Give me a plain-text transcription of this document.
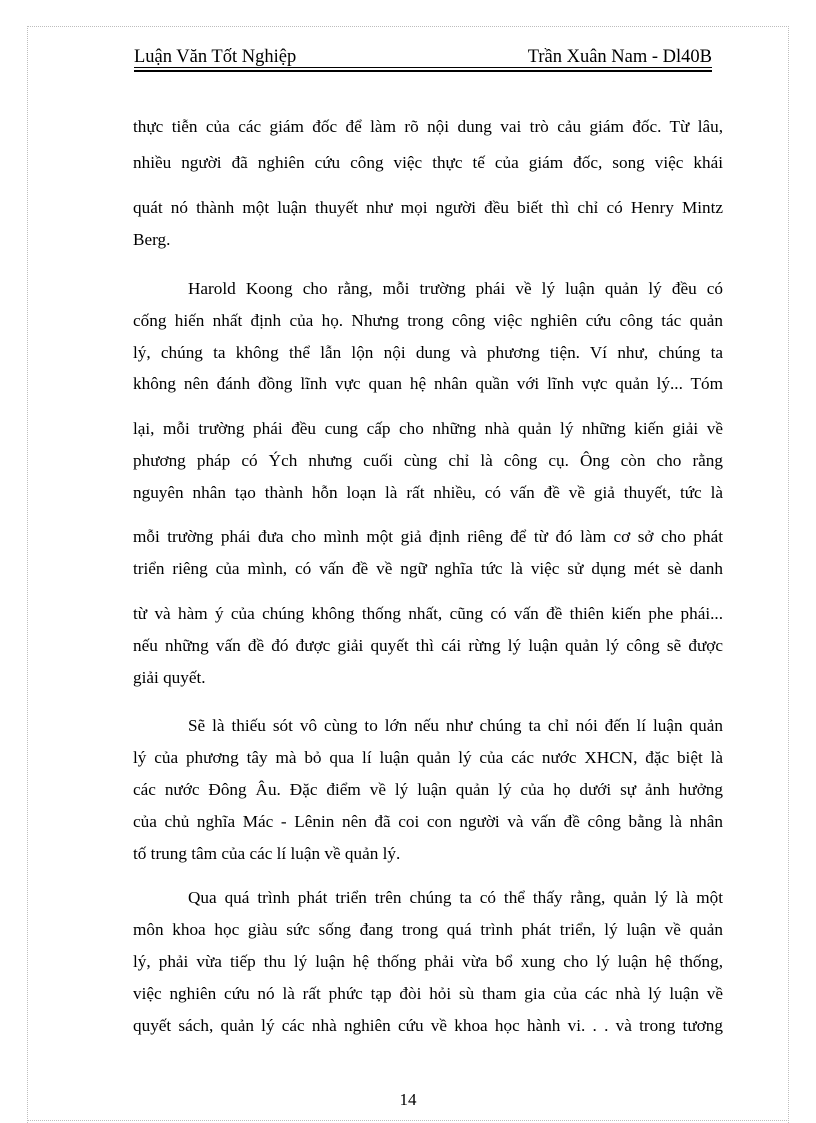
Luận Văn Tốt Nghiệp	Trần Xuân Nam - Dl40B
thực tiễn của các giám đốc để làm rõ nội dung vai trò cảu giám đốc. Từ lâu,
nhiều người đã nghiên cứu công việc thực tế của giám đốc, song việc khái
quát nó thành một luận thuyết như mọi người đều biết thì chỉ có Henry Mintz
Berg.
Harold Koong cho rằng, mỗi trường phái về lý luận quản lý đều có
cống hiến nhất định của họ. Nhưng trong công việc nghiên cứu công tác quản
lý, chúng ta không thể lẫn lộn nội dung và phương tiện. Ví như, chúng ta
không nên đánh đồng lĩnh vực quan hệ nhân quần với lĩnh vực quản lý... Tóm
lại, mỗi trường phái đều cung cấp cho những nhà quản lý những kiến giải về
phương pháp có Ých nhưng cuối cùng chỉ là công cụ. Ông còn cho rằng
nguyên nhân tạo thành hỗn loạn là rất nhiều, có vấn đề về giả thuyết, tức là
mỗi trường phái đưa cho mình một giả định riêng để từ đó làm cơ sở cho phát
triển riêng của mình, có vấn đề về ngữ nghĩa tức là việc sử dụng mét sè danh
từ và hàm ý của chúng không thống nhất, cũng có vấn đề thiên kiến phe phái...
nếu những vấn đề đó được giải quyết thì cái rừng lý luận quản lý công sẽ được
giải quyết.
Sẽ là thiếu sót vô cùng to lớn nếu như chúng ta chỉ nói đến lí luận quản
lý của phương tây mà bỏ qua lí luận quản lý của các nước XHCN, đặc biệt là
các nước Đông Âu. Đặc điểm về lý luận quản lý của họ dưới sự ảnh hưởng
của chủ nghĩa Mác - Lênin nên đã coi con người và vấn đề công bằng là nhân
tố trung tâm của các lí luận về quản lý.
Qua quá trình phát triển trên chúng ta có thể thấy rằng, quản lý là một
môn khoa học giàu sức sống đang trong quá trình phát triển, lý luận về quản
lý, phải vừa tiếp thu lý luận hệ thống phải vừa bổ xung cho lý luận hệ thống,
việc nghiên cứu nó là rất phức tạp đòi hỏi sù tham gia của các nhà lý luận về
quyết sách, quản lý các nhà nghiên cứu về khoa học hành vi. . . và trong tương
14
